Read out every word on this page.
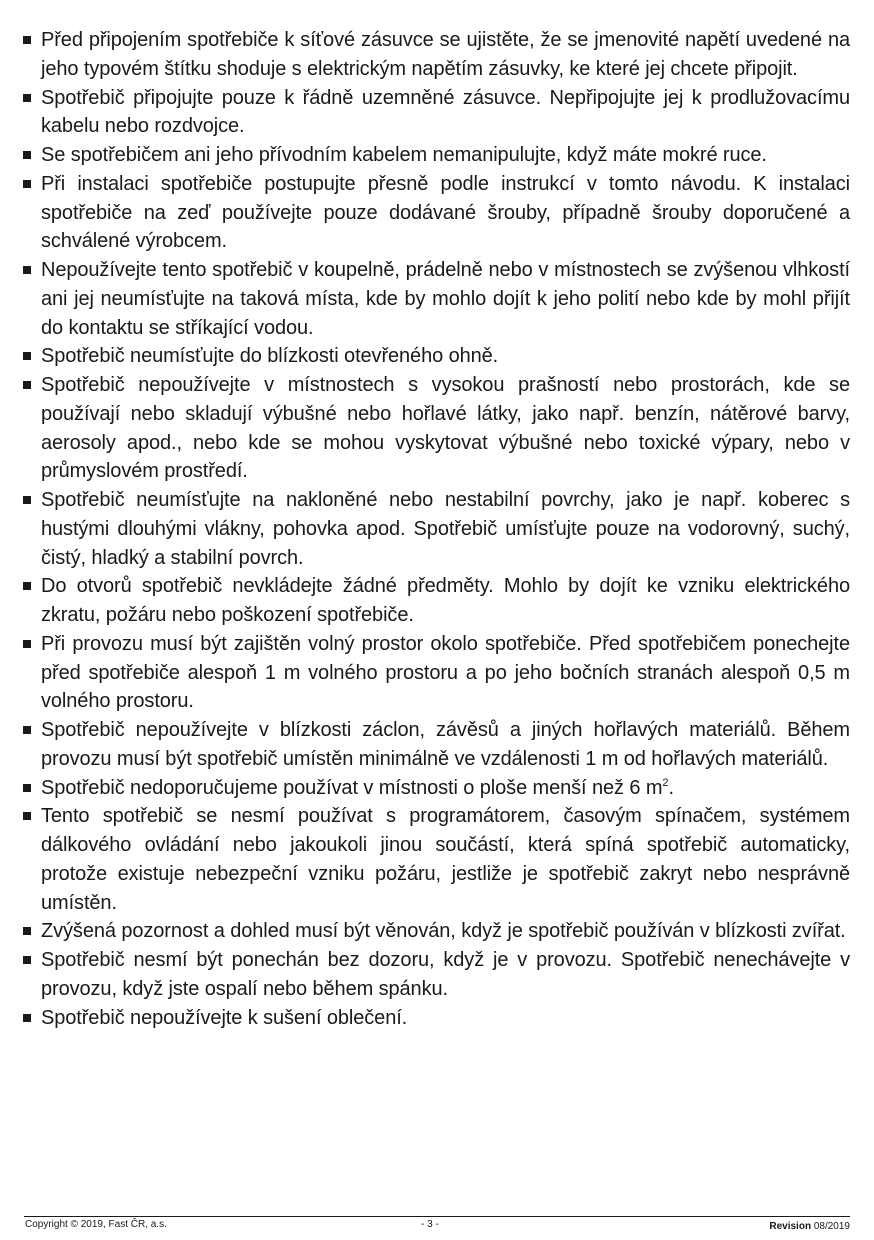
Před připojením spotřebiče k síťové zásuvce se ujistěte, že se jmenovité napětí uvedené na jeho typovém štítku shoduje s elektrickým napětím zásuvky, ke které jej chcete připojit.
Spotřebič připojujte pouze k řádně uzemněné zásuvce. Nepřipojujte jej k prodlužovacímu kabelu nebo rozdvojce.
Se spotřebičem ani jeho přívodním kabelem nemanipulujte, když máte mokré ruce.
Při instalaci spotřebiče postupujte přesně podle instrukcí v tomto návodu. K instalaci spotřebiče na zeď používejte pouze dodávané šrouby, případně šrouby doporučené a schválené výrobcem.
Nepoužívejte tento spotřebič v koupelně, prádelně nebo v místnostech se zvýšenou vlhkostí ani jej neumísťujte na taková místa, kde by mohlo dojít k jeho polití nebo kde by mohl přijít do kontaktu se stříkající vodou.
Spotřebič neumísťujte do blízkosti otevřeného ohně.
Spotřebič nepoužívejte v místnostech s vysokou prašností nebo prostorách, kde se používají nebo skladují výbušné nebo hořlavé látky, jako např. benzín, nátěrové barvy, aerosoly apod., nebo kde se mohou vyskytovat výbušné nebo toxické výpary, nebo v průmyslovém prostředí.
Spotřebič neumísťujte na nakloněné nebo nestabilní povrchy, jako je např. koberec s hustými dlouhými vlákny, pohovka apod. Spotřebič umísťujte pouze na vodorovný, suchý, čistý, hladký a stabilní povrch.
Do otvorů spotřebič nevkládejte žádné předměty. Mohlo by dojít ke vzniku elektrického zkratu, požáru nebo poškození spotřebiče.
Při provozu musí být zajištěn volný prostor okolo spotřebiče. Před spotřebičem ponechejte před spotřebiče alespoň 1 m volného prostoru a po jeho bočních stranách alespoň 0,5 m volného prostoru.
Spotřebič nepoužívejte v blízkosti záclon, závěsů a jiných hořlavých materiálů. Během provozu musí být spotřebič umístěn minimálně ve vzdálenosti 1 m od hořlavých materiálů.
Spotřebič nedoporučujeme používat v místnosti o ploše menší než 6 $m^2$.
Tento spotřebič se nesmí používat s programátorem, časovým spínačem, systémem dálkového ovládání nebo jakoukoli jinou součástí, která spíná spotřebič automaticky, protože existuje nebezpeční vzniku požáru, jestliže je spotřebič zakryt nebo nesprávně umístěn.
Zvýšená pozornost a dohled musí být věnován, když je spotřebič používán v blízkosti zvířat.
Spotřebič nesmí být ponechán bez dozoru, když je v provozu. Spotřebič nenechávejte v provozu, když jste ospalí nebo během spánku.
Spotřebič nepoužívejte k sušení oblečení.
Copyright © 2019, Fast ČR, a.s.	- 3 -	Revision 08/2019
